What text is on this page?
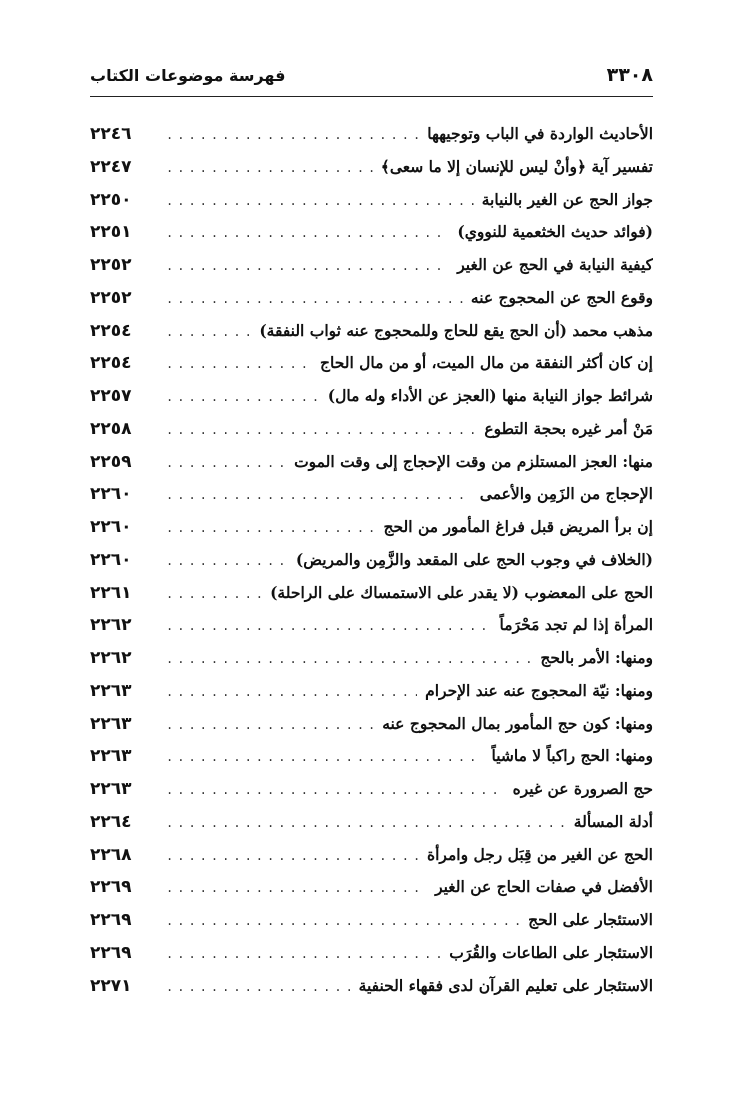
٣٣٠٨
فهرسة موضوعات الكتاب
الأحاديث الواردة في الباب وتوجيهها
.....
٢٢٤٦
تفسير آية ﴿وأنْ ليس للإنسان إلا ما سعى﴾
.....
٢٢٤٧
جواز الحج عن الغير بالنيابة
.....
٢٢٥٠
(فوائد حديث الخثعمية للنووي)
.....
٢٢٥١
كيفية النيابة في الحج عن الغير
.....
٢٢٥٢
وقوع الحج عن المحجوج عنه
.....
٢٢٥٢
مذهب محمد (أن الحج يقع للحاج وللمحجوج عنه ثواب النفقة)
.....
٢٢٥٤
إن كان أكثر النفقة من مال الميت، أو من مال الحاج
.....
٢٢٥٤
شرائط جواز النيابة منها (العجز عن الأداء وله مال)
.....
٢٢٥٧
مَنْ أمر غيره بحجة التطوع
.....
٢٢٥٨
منها: العجز المستلزم من وقت الإحجاج إلى وقت الموت
.....
٢٢٥٩
الإحجاج من الزَمِن والأعمى
.....
٢٢٦٠
إن برأ المريض قبل فراغ المأمور من الحج
.....
٢٢٦٠
(الخلاف في وجوب الحج على المقعد والزَّمِن والمريض)
.....
٢٢٦٠
الحج على المعضوب (لا يقدر على الاستمساك على الراحلة)
.....
٢٢٦١
المرأة إذا لم تجد مَحْرَماً
.....
٢٢٦٢
ومنها: الأمر بالحج
.....
٢٢٦٢
ومنها: نيّة المحجوج عنه عند الإحرام
.....
٢٢٦٣
ومنها: كون حج المأمور بمال المحجوج عنه
.....
٢٢٦٣
ومنها: الحج راكباً لا ماشياً
.....
٢٢٦٣
حج الصرورة عن غيره
.....
٢٢٦٣
أدلة المسألة
.....
٢٢٦٤
الحج عن الغير من قِبَل رجل وامرأة
.....
٢٢٦٨
الأفضل في صفات الحاج عن الغير
.....
٢٢٦٩
الاستئجار على الحج
.....
٢٢٦٩
الاستئجار على الطاعات والقُرَب
.....
٢٢٦٩
الاستئجار على تعليم القرآن لدى فقهاء الحنفية
.....
٢٢٧١
